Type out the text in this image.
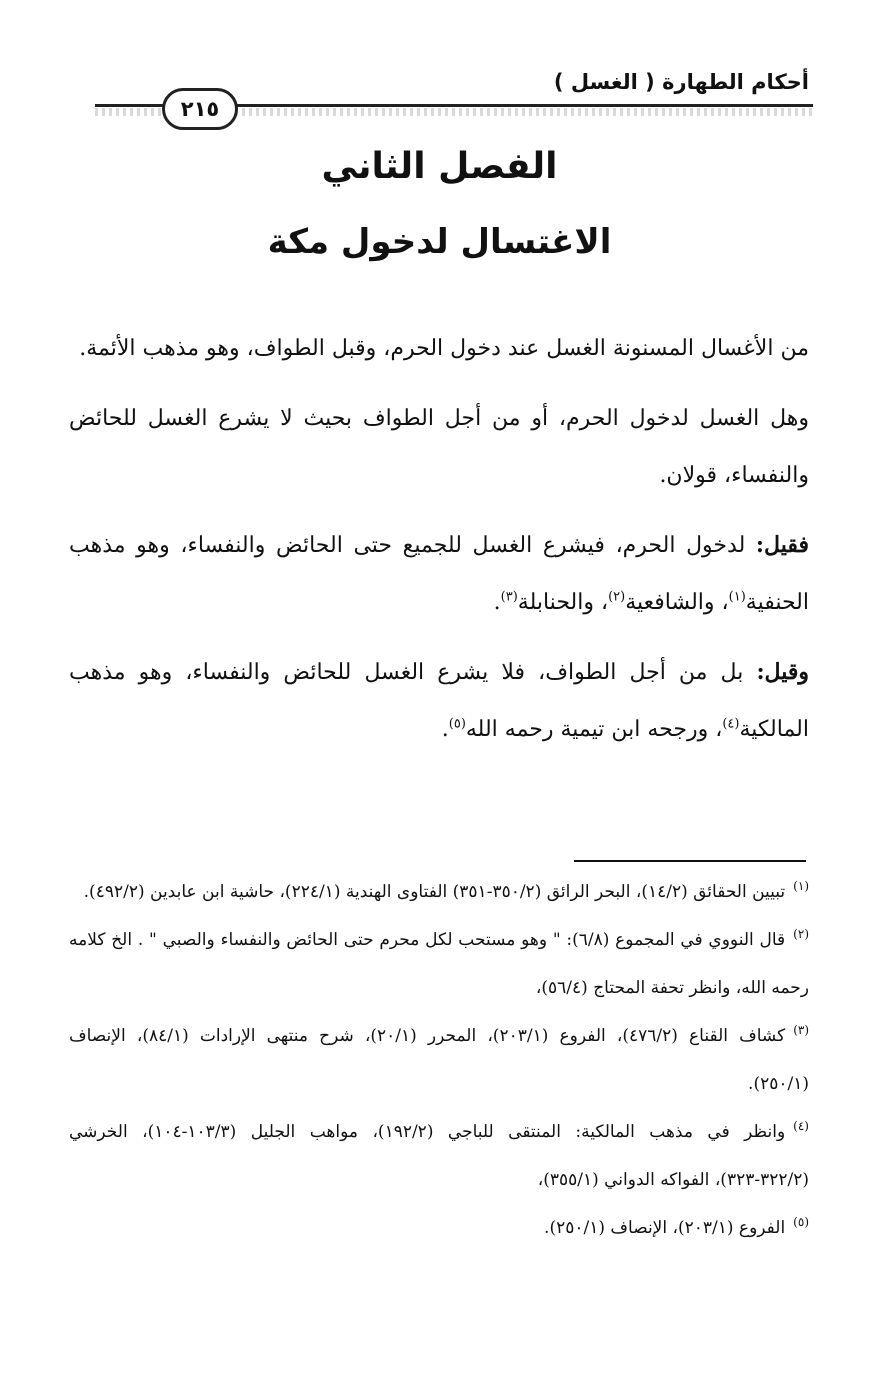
أحكام الطهارة ( الغسل )
٢١٥
الفصل الثاني
الاغتسال لدخول مكة

من الأغسال المسنونة الغسل عند دخول الحرم، وقبل الطواف، وهو مذهب الأئمة.

وهل الغسل لدخول الحرم، أو من أجل الطواف بحيث لا يشرع الغسل للحائض والنفساء، قولان.

فقيل: لدخول الحرم، فيشرع الغسل للجميع حتى الحائض والنفساء، وهو مذهب الحنفية$^{(١)}$، والشافعية$^{(٢)}$، والحنابلة$^{(٣)}$.

وقيل: بل من أجل الطواف، فلا يشرع الغسل للحائض والنفساء، وهو مذهب المالكية$^{(٤)}$، ورجحه ابن تيمية رحمه الله$^{(٥)}$.

$^{(١)}$تبيين الحقائق (١٤/٢)، البحر الرائق (٣٥٠/٢-٣٥١) الفتاوى الهندية (٢٢٤/١)، حاشية ابن عابدين (٤٩٢/٢).

$^{(٢)}$قال النووي في المجموع (٦/٨): " وهو مستحب لكل محرم حتى الحائض والنفساء والصبي " . الخ كلامه رحمه الله، وانظر تحفة المحتاج (٥٦/٤)،

$^{(٣)}$كشاف القناع (٤٧٦/٢)، الفروع (٢٠٣/١)، المحرر (٢٠/١)، شرح منتهى الإرادات (٨٤/١)، الإنصاف (٢٥٠/١).

$^{(٤)}$وانظر في مذهب المالكية: المنتقى للباجي (١٩٢/٢)، مواهب الجليل (١٠٣/٣-١٠٤)، الخرشي (٣٢٢/٢-٣٢٣)، الفواكه الدواني (٣٥٥/١)،

$^{(٥)}$الفروع (٢٠٣/١)، الإنصاف (٢٥٠/١).
